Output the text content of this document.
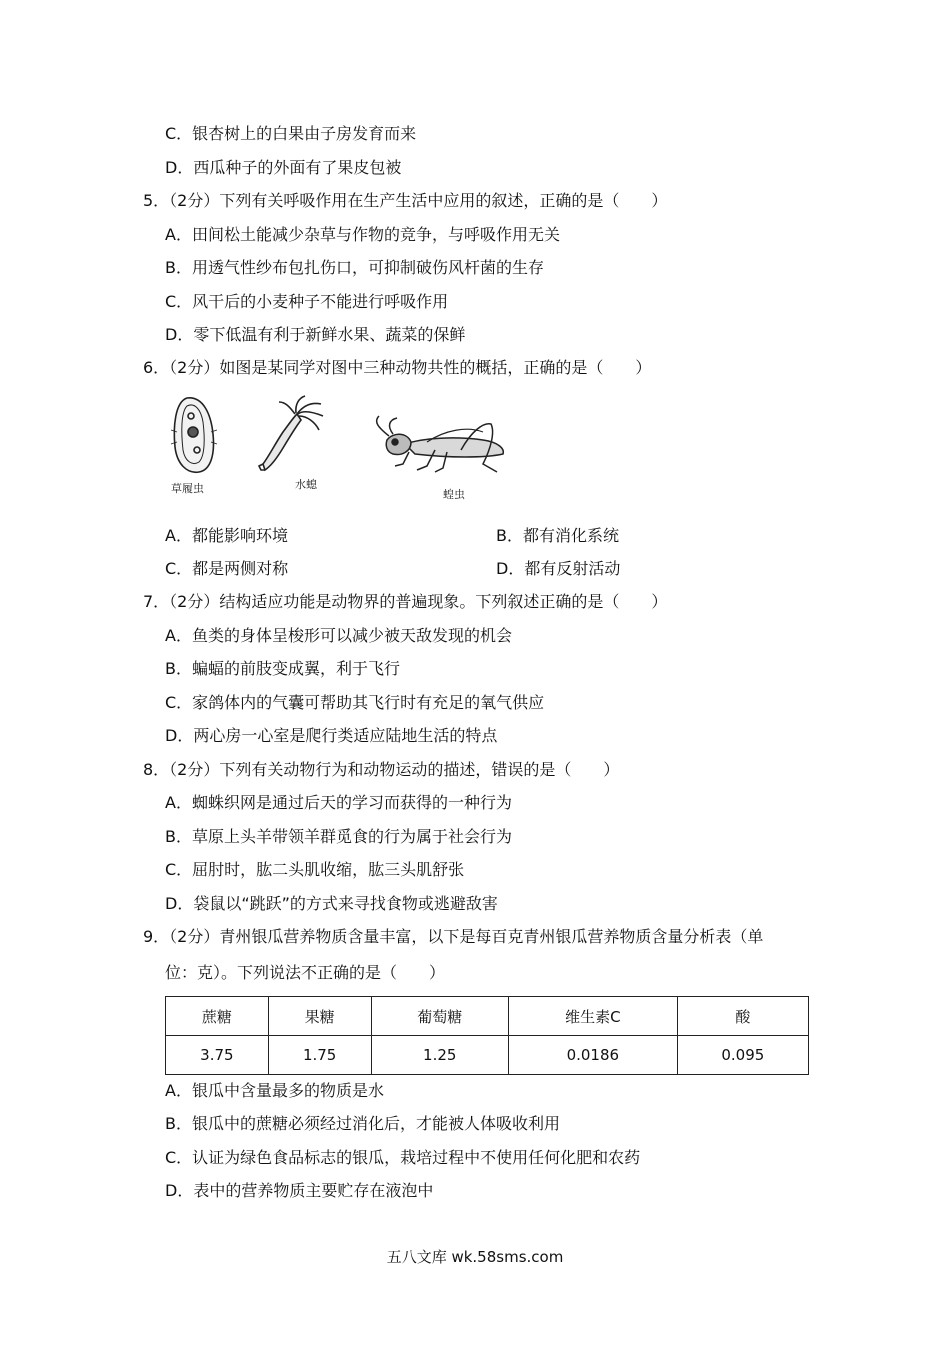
C．银杏树上的白果由子房发育而来
D．西瓜种子的外面有了果皮包被
5．（2分）下列有关呼吸作用在生产生活中应用的叙述，正确的是（　　）
A．田间松土能减少杂草与作物的竞争，与呼吸作用无关
B．用透气性纱布包扎伤口，可抑制破伤风杆菌的生存
C．风干后的小麦种子不能进行呼吸作用
D．零下低温有利于新鲜水果、蔬菜的保鲜
6．（2分）如图是某同学对图中三种动物共性的概括，正确的是（　　）
草履虫	水螅
蝗虫
A．都能影响环境	B．都有消化系统
C．都是两侧对称	D．都有反射活动
7．（2分）结构适应功能是动物界的普遍现象。下列叙述正确的是（　　）
A．鱼类的身体呈梭形可以减少被天敌发现的机会
B．蝙蝠的前肢变成翼，利于飞行
C．家鸽体内的气囊可帮助其飞行时有充足的氧气供应
D．两心房一心室是爬行类适应陆地生活的特点
8．（2分）下列有关动物行为和动物运动的描述，错误的是（　　）
A．蜘蛛织网是通过后天的学习而获得的一种行为
B．草原上头羊带领羊群觅食的行为属于社会行为
C．屈肘时，肱二头肌收缩，肱三头肌舒张
D．袋鼠以“跳跃”的方式来寻找食物或逃避敌害
9．（2分）青州银瓜营养物质含量丰富，以下是每百克青州银瓜营养物质含量分析表（单
位：克）。下列说法不正确的是（　　）
蔗糖	果糖	葡萄糖	维生素C	酸
3.75	1.75	1.25	0.0186	0.095
A．银瓜中含量最多的物质是水
B．银瓜中的蔗糖必须经过消化后，才能被人体吸收利用
C．认证为绿色食品标志的银瓜，栽培过程中不使用任何化肥和农药
D．表中的营养物质主要贮存在液泡中
五八文库 wk.58sms.com
